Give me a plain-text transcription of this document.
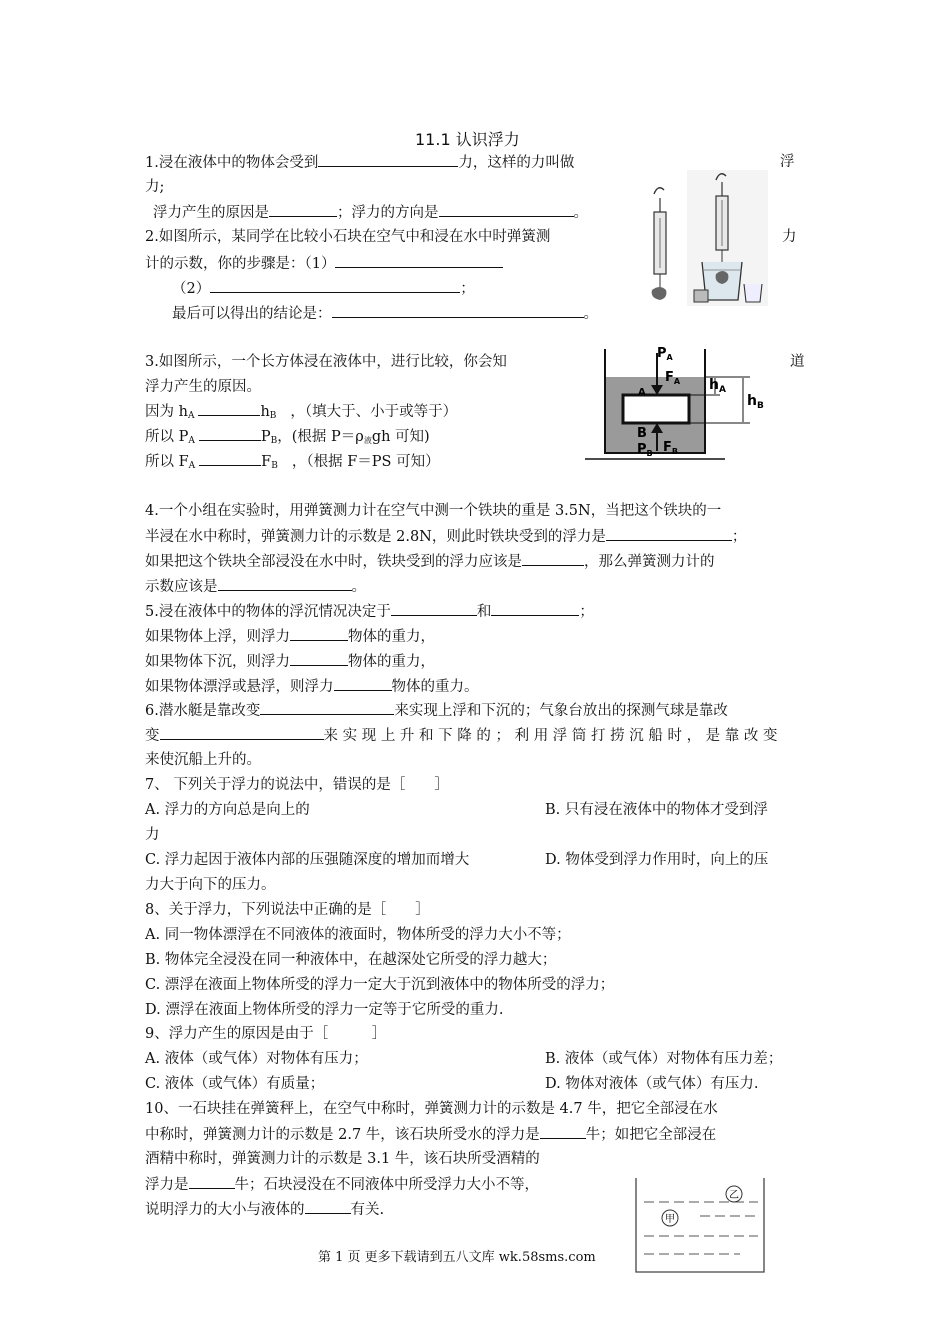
11.1 认识浮力
1.浸在液体中的物体会受到	力，这样的力叫做	浮
力;
浮力产生的原因是	；浮力的方向是	。
2.如图所示，某同学在比较小石块在空气中和浸在水中时弹簧测	力
计的示数，你的步骤是：（1）
（2）	；
最后可以得出的结论是：	。
3.如图所示，一个长方体浸在液体中，进行比较，你会知	道
浮力产生的原因。
因为 $h_A$	$h_B$ ，（填大于、小于或等于）
所以 $P_A$	$P_B$，(根据 $P=\rho_液gh$ 可知)
所以 $F_A$	$F_B$ ，（根据 F＝PS 可知）
$P_A$
$F_A$ $h_A$
$h_B$
A
B
$P_B$ $F_B$
4.一个小组在实验时，用弹簧测力计在空气中测一个铁块的重是 3.5N，当把这个铁块的一
半浸在水中称时，弹簧测力计的示数是 2.8N，则此时铁块受到的浮力是	；
如果把这个铁块全部浸没在水中时，铁块受到的浮力应该是	，那么弹簧测力计的
示数应该是	。
5.浸在液体中的物体的浮沉情况决定于	和	；
如果物体上浮，则浮力	物体的重力，
如果物体下沉，则浮力	物体的重力，
如果物体漂浮或悬浮，则浮力	物体的重力。
6.潜水艇是靠改变	来实现上浮和下沉的；气象台放出的探测气球是靠改
变	来 实 现 上 升 和 下 降 的 ； 利 用 浮 筒 打 捞 沉 船 时 ， 是 靠 改 变
来使沉船上升的。
7、 下列关于浮力的说法中，错误的是［　　］
A. 浮力的方向总是向上的	B. 只有浸在液体中的物体才受到浮
力
C. 浮力起因于液体内部的压强随深度的增加而增大	D. 物体受到浮力作用时，向上的压
力大于向下的压力。
8、关于浮力，下列说法中正确的是［　　］
A. 同一物体漂浮在不同液体的液面时，物体所受的浮力大小不等；
B. 物体完全浸没在同一种液体中，在越深处它所受的浮力越大；
C. 漂浮在液面上物体所受的浮力一定大于沉到液体中的物体所受的浮力；
D. 漂浮在液面上物体所受的浮力一定等于它所受的重力.
9、浮力产生的原因是由于［　　　］
A. 液体（或气体）对物体有压力；	B. 液体（或气体）对物体有压力差；
C. 液体（或气体）有质量；	D. 物体对液体（或气体）有压力.
10、一石块挂在弹簧秤上，在空气中称时，弹簧测力计的示数是 4.7 牛，把它全部浸在水
中称时，弹簧测力计的示数是 2.7 牛，该石块所受水的浮力是	牛；如把它全部浸在
酒精中称时，弹簧测力计的示数是 3.1 牛，该石块所受酒精的
浮力是	牛；石块浸没在不同液体中所受浮力大小不等，
说明浮力的大小与液体的	有关.
乙
甲
第 1 页 更多下载请到五八文库 wk.58sms.com
